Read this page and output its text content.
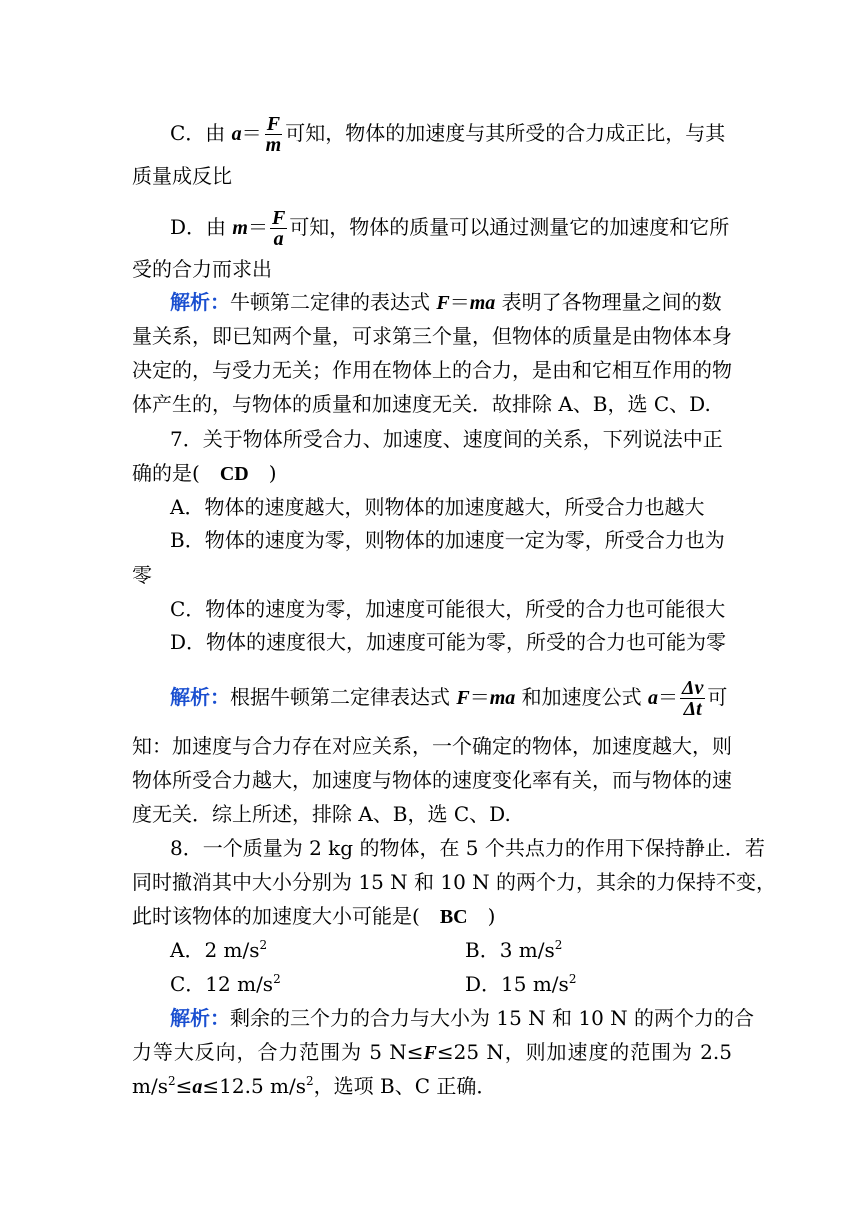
C．由 $a= \frac{F}{m}$ 可知，物体的加速度与其所受的合力成正比，与其
质量成反比
D．由 $m= \frac{F}{a}$ 可知，物体的质量可以通过测量它的加速度和它所
受的合力而求出
解析：牛顿第二定律的表达式 F＝ma 表明了各物理量之间的数
量关系，即已知两个量，可求第三个量，但物体的质量是由物体本身
决定的，与受力无关；作用在物体上的合力，是由和它相互作用的物
体产生的，与物体的质量和加速度无关．故排除 A、B，选 C、D.
7．关于物体所受合力、加速度、速度间的关系，下列说法中正
确的是(　CD　)
A．物体的速度越大，则物体的加速度越大，所受合力也越大
B．物体的速度为零，则物体的加速度一定为零，所受合力也为
零
C．物体的速度为零，加速度可能很大，所受的合力也可能很大
D．物体的速度很大，加速度可能为零，所受的合力也可能为零
解析：根据牛顿第二定律表达式 F＝ma 和加速度公式 $a= \frac{\Delta v}{\Delta t}$ 可
知：加速度与合力存在对应关系，一个确定的物体，加速度越大，则
物体所受合力越大，加速度与物体的速度变化率有关，而与物体的速
度无关．综上所述，排除 A、B，选 C、D.
8．一个质量为 2 kg 的物体，在 5 个共点力的作用下保持静止．若
同时撤消其中大小分别为 15 N 和 10 N 的两个力，其余的力保持不变，
此时该物体的加速度大小可能是(　BC　)
A．2 $m/s^2$	B．3 $m/s^2$
C．12 $m/s^2$	D．15 $m/s^2$
解析：剩余的三个力的合力与大小为 15 N 和 10 N 的两个力的合
力等大反向，合力范围为 5 N≤F≤25 N，则加速度的范围为 2.5
$m/s^2\le a\le 12.5$ $m/s^2$，选项 B、C 正确．
